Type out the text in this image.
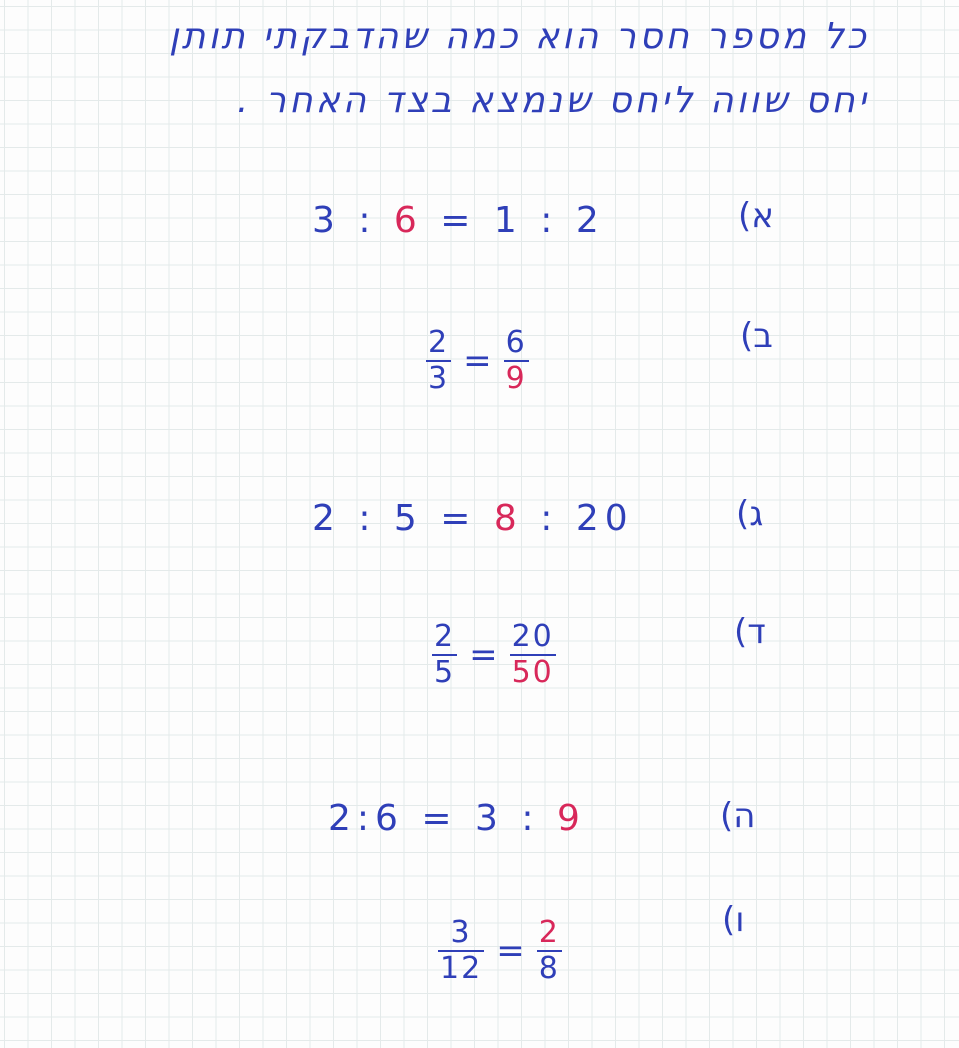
כל מספר חסר הוא כמה שהדבקתי תותן
יחס שווה ליחס שנמצא בצד האחר .
א)
3 : 6 = 1 : 2
ב)
$\frac{2}{3} = \frac{6}{9}$
ג)
2 : 5 = 8 : 20
ד)
$\frac{2}{5} = \frac{20}{50}$
ה)
2:6 = 3 : 9
ו)
$\frac{3}{12} = \frac{2}{8}$
